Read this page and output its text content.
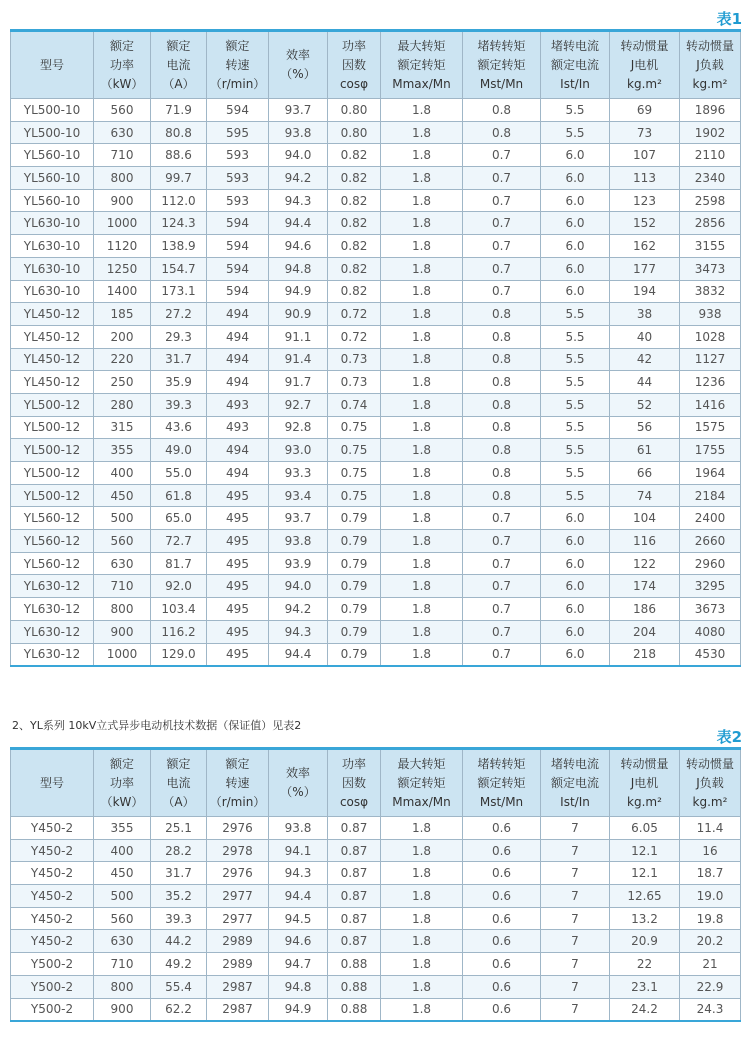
表1
型号	额定
功率
（kW）	额定
电流
（A）	额定
转速
（r/min）	效率
（%）	功率
因数
cosφ	最大转矩
额定转矩
Mmax/Mn	堵转转矩
额定转矩
Mst/Mn	堵转电流
额定电流
Ist/In	转动惯量
J电机
kg.m²	转动惯量
J负载
kg.m²

YL500-10	560	71.9	594	93.7	0.80	1.8	0.8	5.5	69	1896
YL500-10	630	80.8	595	93.8	0.80	1.8	0.8	5.5	73	1902
YL560-10	710	88.6	593	94.0	0.82	1.8	0.7	6.0	107	2110
YL560-10	800	99.7	593	94.2	0.82	1.8	0.7	6.0	113	2340
YL560-10	900	112.0	593	94.3	0.82	1.8	0.7	6.0	123	2598
YL630-10	1000	124.3	594	94.4	0.82	1.8	0.7	6.0	152	2856
YL630-10	1120	138.9	594	94.6	0.82	1.8	0.7	6.0	162	3155
YL630-10	1250	154.7	594	94.8	0.82	1.8	0.7	6.0	177	3473
YL630-10	1400	173.1	594	94.9	0.82	1.8	0.7	6.0	194	3832
YL450-12	185	27.2	494	90.9	0.72	1.8	0.8	5.5	38	938
YL450-12	200	29.3	494	91.1	0.72	1.8	0.8	5.5	40	1028
YL450-12	220	31.7	494	91.4	0.73	1.8	0.8	5.5	42	1127
YL450-12	250	35.9	494	91.7	0.73	1.8	0.8	5.5	44	1236
YL500-12	280	39.3	493	92.7	0.74	1.8	0.8	5.5	52	1416
YL500-12	315	43.6	493	92.8	0.75	1.8	0.8	5.5	56	1575
YL500-12	355	49.0	494	93.0	0.75	1.8	0.8	5.5	61	1755
YL500-12	400	55.0	494	93.3	0.75	1.8	0.8	5.5	66	1964
YL500-12	450	61.8	495	93.4	0.75	1.8	0.8	5.5	74	2184
YL560-12	500	65.0	495	93.7	0.79	1.8	0.7	6.0	104	2400
YL560-12	560	72.7	495	93.8	0.79	1.8	0.7	6.0	116	2660
YL560-12	630	81.7	495	93.9	0.79	1.8	0.7	6.0	122	2960
YL630-12	710	92.0	495	94.0	0.79	1.8	0.7	6.0	174	3295
YL630-12	800	103.4	495	94.2	0.79	1.8	0.7	6.0	186	3673
YL630-12	900	116.2	495	94.3	0.79	1.8	0.7	6.0	204	4080
YL630-12	1000	129.0	495	94.4	0.79	1.8	0.7	6.0	218	4530
2、YL系列 10kV立式异步电动机技术数据（保证值）见表2
表2
型号	额定
功率
（kW）	额定
电流
（A）	额定
转速
（r/min）	效率
（%）	功率
因数
cosφ	最大转矩
额定转矩
Mmax/Mn	堵转转矩
额定转矩
Mst/Mn	堵转电流
额定电流
Ist/In	转动惯量
J电机
kg.m²	转动惯量
J负载
kg.m²

Y450-2	355	25.1	2976	93.8	0.87	1.8	0.6	7	6.05	11.4
Y450-2	400	28.2	2978	94.1	0.87	1.8	0.6	7	12.1	16
Y450-2	450	31.7	2976	94.3	0.87	1.8	0.6	7	12.1	18.7
Y450-2	500	35.2	2977	94.4	0.87	1.8	0.6	7	12.65	19.0
Y450-2	560	39.3	2977	94.5	0.87	1.8	0.6	7	13.2	19.8
Y450-2	630	44.2	2989	94.6	0.87	1.8	0.6	7	20.9	20.2
Y500-2	710	49.2	2989	94.7	0.88	1.8	0.6	7	22	21
Y500-2	800	55.4	2987	94.8	0.88	1.8	0.6	7	23.1	22.9
Y500-2	900	62.2	2987	94.9	0.88	1.8	0.6	7	24.2	24.3
